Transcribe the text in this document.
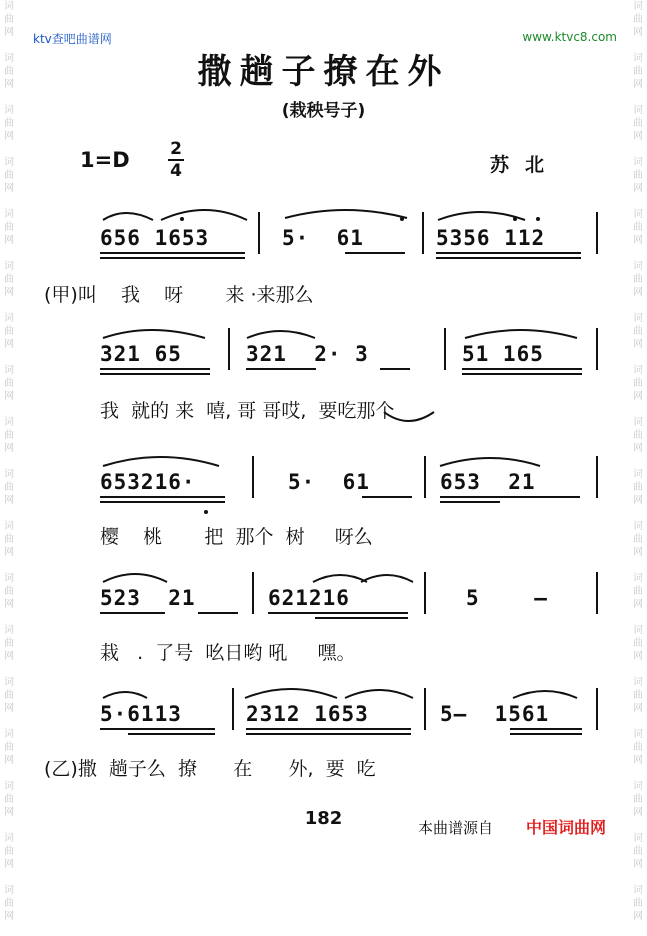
ktv查吧曲谱网	www.ktvc8.com
词
曲
网

词
曲
网

词
曲
网

词
曲
网

词
曲
网

词
曲
网

词
曲
网

词
曲
网

词
曲
网

词
曲
网

词
曲
网

词
曲
网

词
曲
网

词
曲
网

词
曲
网

词
曲
网

词
曲
网

词
曲
网

词
曲
网

词
曲
网

词
曲
网

词
曲
网

词
曲
网

词
曲
网

词
曲
网

词
曲
网

词
曲
网

词
曲
网

词
曲
网

词
曲
网

词
曲
网

词
曲
网

词
曲
网

词
曲
网

词
曲
网

词
曲
网

撒趟子撩在外
(栽秧号子)
1=D 2
4	苏北
656 1653	5·  61	5356 112
(甲)叫    我    呀       来 ·来那么
321 65	321  2· 3	51 165
我  就的 来  嘻, 哥 哥哎,  要吃那个
653216·	5·  61	653  21
樱    桃       把  那个  树     呀么
523  21	621216	5    —
栽   .  了号  吆日哟 吼     嘿。
5·6113	2312 1653	5—  1561
(乙)撒  趟子么  撩      在      外,  要  吃
182	本曲谱源自 中国词曲网
